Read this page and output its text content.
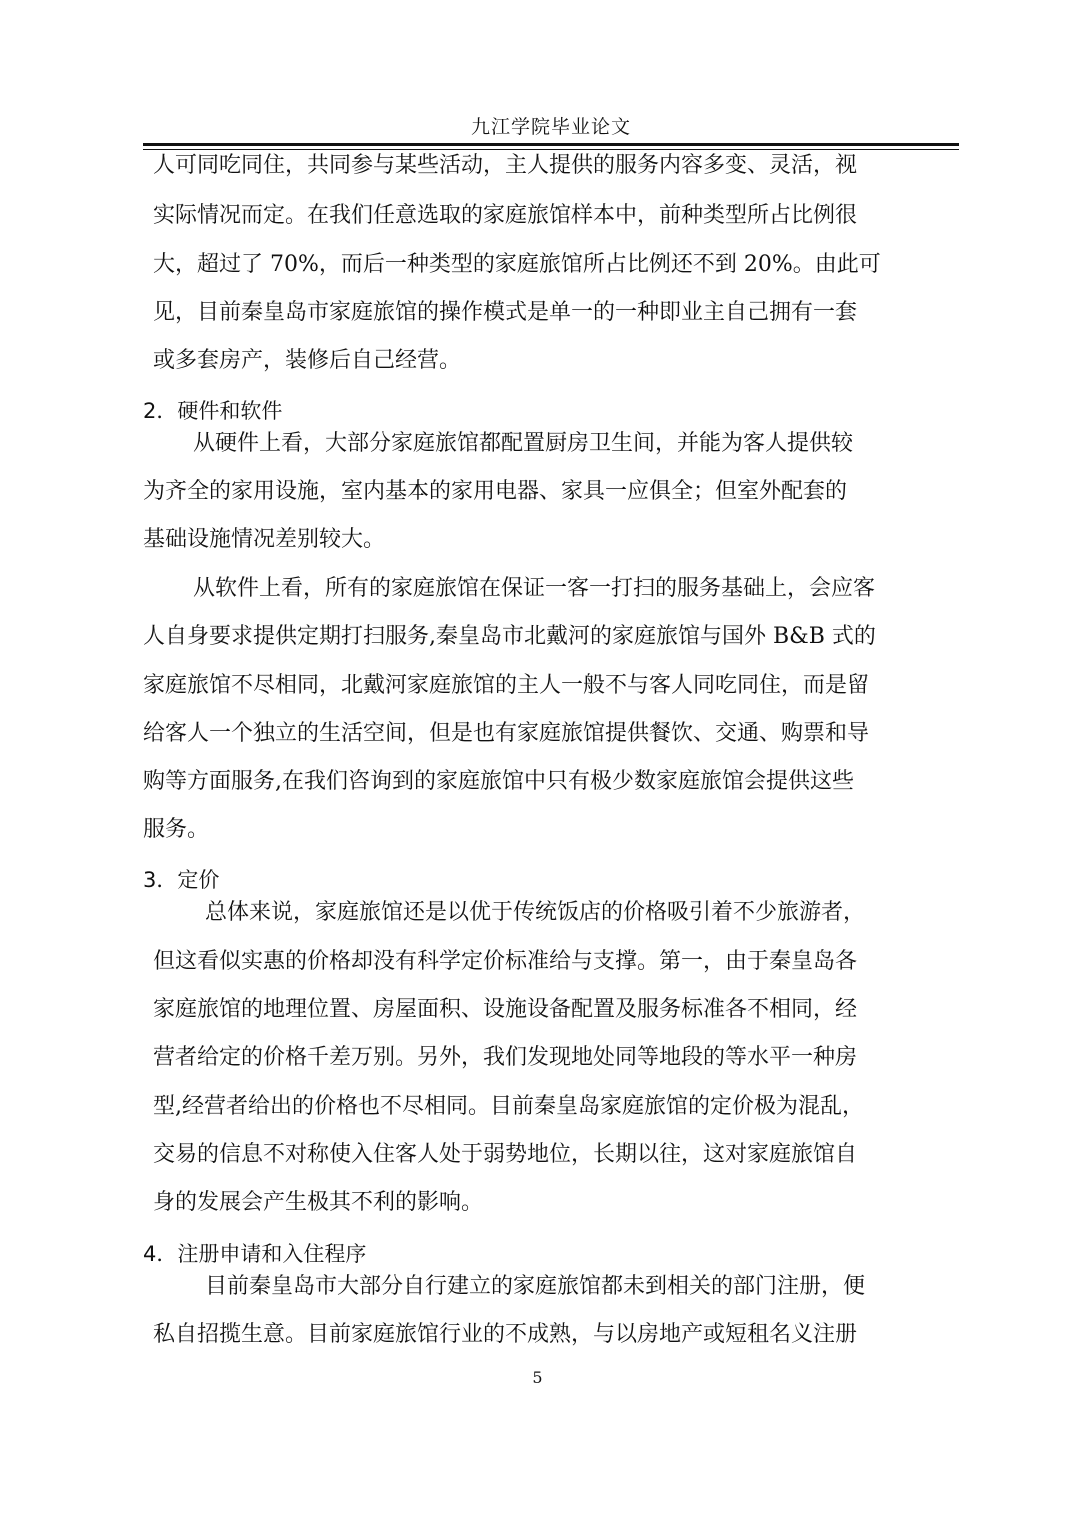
九江学院毕业论文
人可同吃同住，共同参与某些活动，主人提供的服务内容多变、灵活，视
实际情况而定。在我们任意选取的家庭旅馆样本中，前种类型所占比例很
大，超过了 70%，而后一种类型的家庭旅馆所占比例还不到 20%。由此可
见，目前秦皇岛市家庭旅馆的操作模式是单一的一种即业主自己拥有一套
或多套房产，装修后自己经营。
2．硬件和软件
从硬件上看，大部分家庭旅馆都配置厨房卫生间，并能为客人提供较
为齐全的家用设施，室内基本的家用电器、家具一应俱全；但室外配套的
基础设施情况差别较大。
从软件上看，所有的家庭旅馆在保证一客一打扫的服务基础上，会应客
人自身要求提供定期打扫服务,秦皇岛市北戴河的家庭旅馆与国外 B&B 式的
家庭旅馆不尽相同，北戴河家庭旅馆的主人一般不与客人同吃同住，而是留
给客人一个独立的生活空间，但是也有家庭旅馆提供餐饮、交通、购票和导
购等方面服务,在我们咨询到的家庭旅馆中只有极少数家庭旅馆会提供这些
服务。
3．定价
总体来说，家庭旅馆还是以优于传统饭店的价格吸引着不少旅游者，
但这看似实惠的价格却没有科学定价标准给与支撑。第一，由于秦皇岛各
家庭旅馆的地理位置、房屋面积、设施设备配置及服务标准各不相同，经
营者给定的价格千差万别。另外，我们发现地处同等地段的等水平一种房
型,经营者给出的价格也不尽相同。目前秦皇岛家庭旅馆的定价极为混乱，
交易的信息不对称使入住客人处于弱势地位，长期以往，这对家庭旅馆自
身的发展会产生极其不利的影响。
4．注册申请和入住程序
目前秦皇岛市大部分自行建立的家庭旅馆都未到相关的部门注册，便
私自招揽生意。目前家庭旅馆行业的不成熟，与以房地产或短租名义注册
5
